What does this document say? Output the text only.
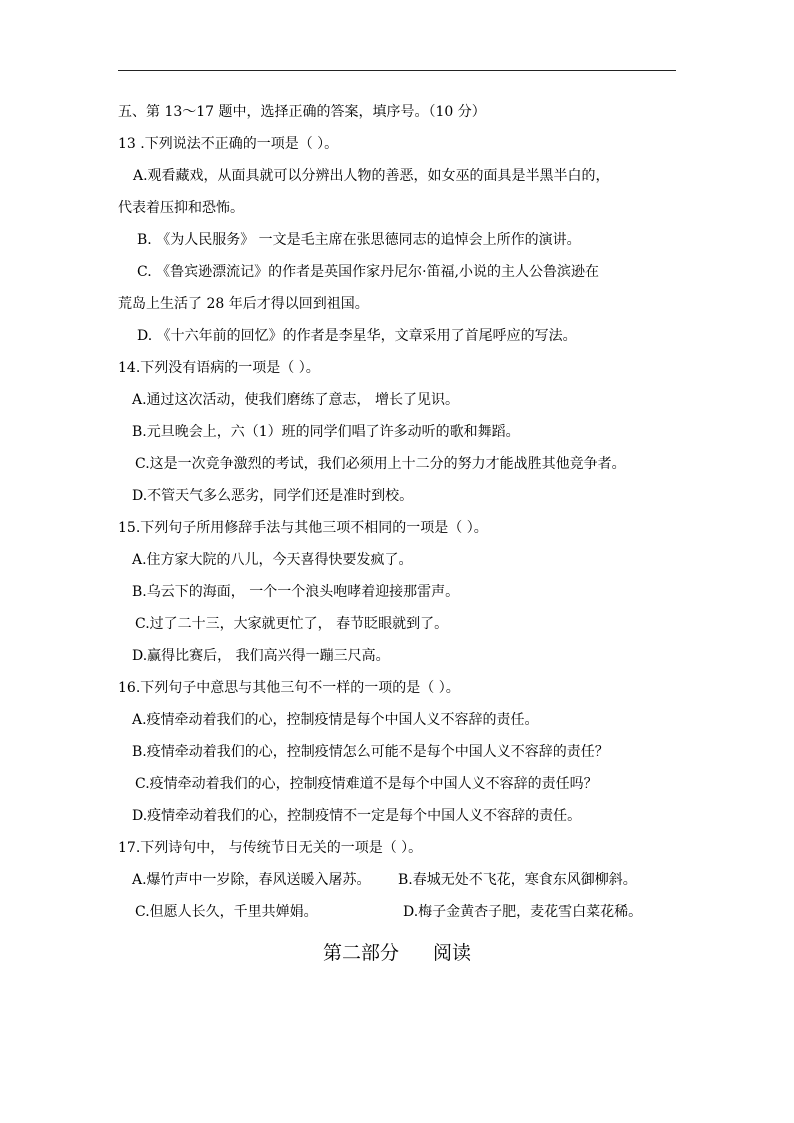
五、第 13～17 题中，选择正确的答案，填序号。（10 分）
13 .下列说法不正确的一项是（ ）。
A.观看藏戏，从面具就可以分辨出人物的善恶，如女巫的面具是半黑半白的，
代表着压抑和恐怖。
B. 《为人民服务》 一文是毛主席在张思德同志的追悼会上所作的演讲。
C. 《鲁宾逊漂流记》的作者是英国作家丹尼尔·笛福,小说的主人公鲁滨逊在
荒岛上生活了 28 年后才得以回到祖国。
D. 《十六年前的回忆》的作者是李星华，文章采用了首尾呼应的写法。
14.下列没有语病的一项是（ ）。
A.通过这次活动，使我们磨练了意志， 增长了见识。
B.元旦晚会上，六（1）班的同学们唱了许多动听的歌和舞蹈。
C.这是一次竞争激烈的考试，我们必须用上十二分的努力才能战胜其他竞争者。
D.不管天气多么恶劣，同学们还是准时到校。
15.下列句子所用修辞手法与其他三项不相同的一项是（ ）。
A.住方家大院的八儿，今天喜得快要发疯了。
B.乌云下的海面， 一个一个浪头咆哮着迎接那雷声。
C.过了二十三，大家就更忙了， 春节眨眼就到了。
D.赢得比赛后， 我们高兴得一蹦三尺高。
16.下列句子中意思与其他三句不一样的一项的是（ ）。
A.疫情牵动着我们的心，控制疫情是每个中国人义不容辞的责任。
B.疫情牵动着我们的心，控制疫情怎么可能不是每个中国人义不容辞的责任？
C.疫情牵动着我们的心，控制疫情难道不是每个中国人义不容辞的责任吗？
D.疫情牵动着我们的心，控制疫情不一定是每个中国人义不容辞的责任。
17.下列诗句中， 与传统节日无关的一项是（ ）。
A.爆竹声中一岁除，春风送暖入屠苏。	B.春城无处不飞花，寒食东风御柳斜。
C.但愿人长久，千里共婵娟。	D.梅子金黄杏子肥，麦花雪白菜花稀。
第二部分 阅读
